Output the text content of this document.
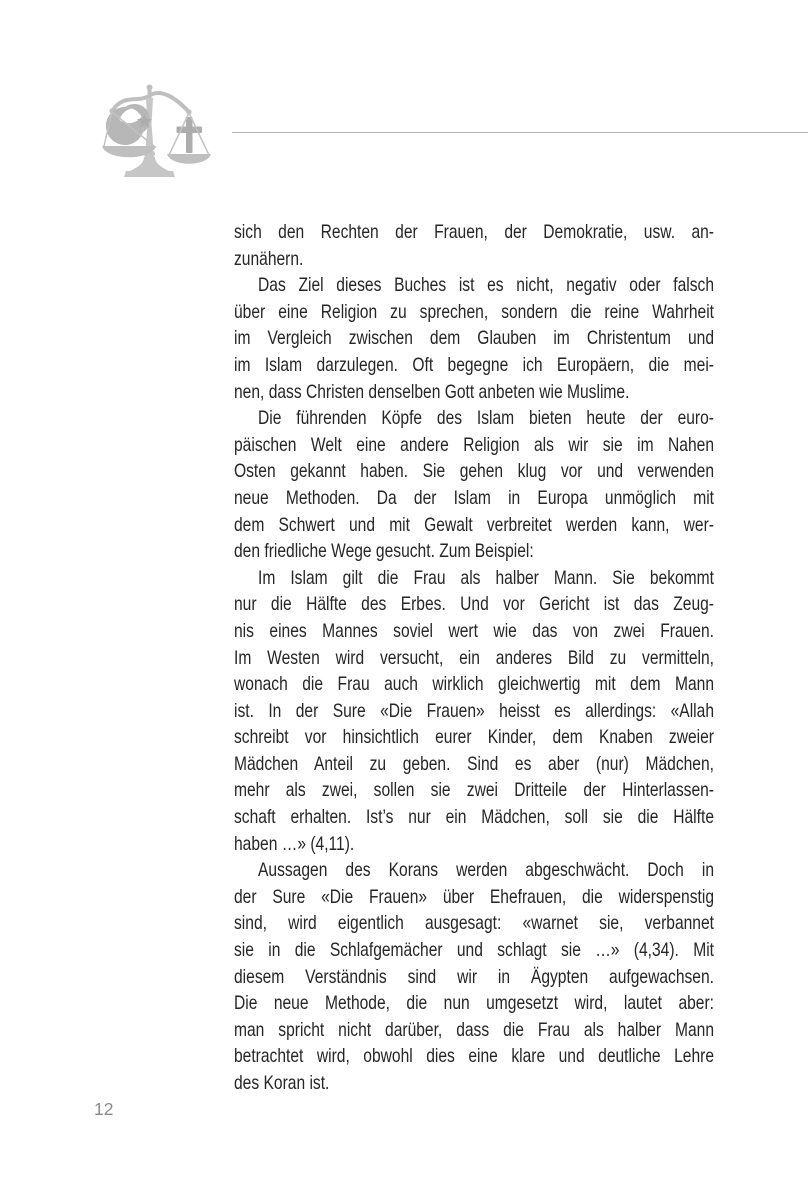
sich den Rechten der Frauen, der Demokratie, usw. an-
zunähern.
Das Ziel dieses Buches ist es nicht, negativ oder falsch
über eine Religion zu sprechen, sondern die reine Wahrheit
im Vergleich zwischen dem Glauben im Christentum und
im Islam darzulegen. Oft begegne ich Europäern, die mei-
nen, dass Christen denselben Gott anbeten wie Muslime.
Die führenden Köpfe des Islam bieten heute der euro-
päischen Welt eine andere Religion als wir sie im Nahen
Osten gekannt haben. Sie gehen klug vor und verwenden
neue Methoden. Da der Islam in Europa unmöglich mit
dem Schwert und mit Gewalt verbreitet werden kann, wer-
den friedliche Wege gesucht. Zum Beispiel:
Im Islam gilt die Frau als halber Mann. Sie bekommt
nur die Hälfte des Erbes. Und vor Gericht ist das Zeug-
nis eines Mannes soviel wert wie das von zwei Frauen.
Im Westen wird versucht, ein anderes Bild zu vermitteln,
wonach die Frau auch wirklich gleichwertig mit dem Mann
ist. In der Sure «Die Frauen» heisst es allerdings: «Allah
schreibt vor hinsichtlich eurer Kinder, dem Knaben zweier
Mädchen Anteil zu geben. Sind es aber (nur) Mädchen,
mehr als zwei, sollen sie zwei Dritteile der Hinterlassen-
schaft erhalten. Ist’s nur ein Mädchen, soll sie die Hälfte
haben …» (4,11).
Aussagen des Korans werden abgeschwächt. Doch in
der Sure «Die Frauen» über Ehefrauen, die widerspenstig
sind, wird eigentlich ausgesagt: «warnet sie, verbannet
sie in die Schlafgemächer und schlagt sie …» (4,34). Mit
diesem Verständnis sind wir in Ägypten aufgewachsen.
Die neue Methode, die nun umgesetzt wird, lautet aber:
man spricht nicht darüber, dass die Frau als halber Mann
betrachtet wird, obwohl dies eine klare und deutliche Lehre
des Koran ist.
12
